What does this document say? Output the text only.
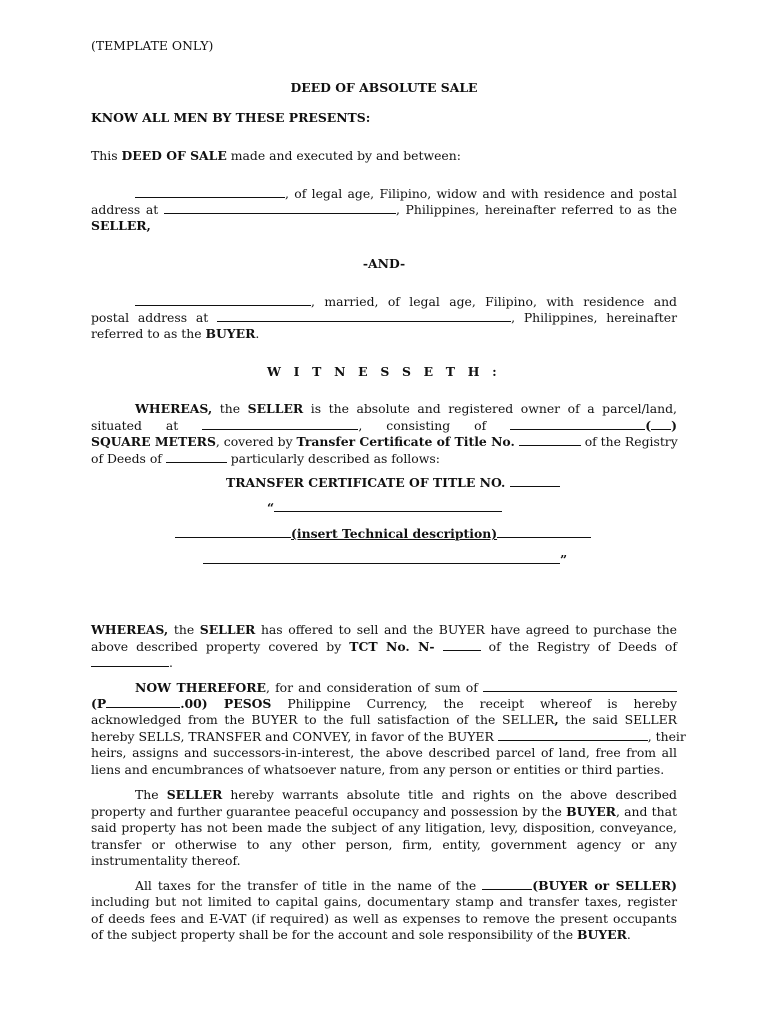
(TEMPLATE ONLY)
DEED OF ABSOLUTE SALE
KNOW ALL MEN BY THESE PRESENTS:
This DEED OF SALE made and executed by and between:
, of legal age, Filipino, widow and with residence and postal
address at	, Philippines, hereinafter referred to as the
SELLER,
-AND-
, married, of legal age, Filipino, with residence and
postal address at	, Philippines, hereinafter
referred to as the BUYER.
W I T N E S S E T H :
WHEREAS, the SELLER is the absolute and registered owner of a parcel/land,
situated at	, consisting of	( )
SQUARE METERS, covered by Transfer Certificate of Title No.	of the Registry
of Deeds of	particularly described as follows:
TRANSFER CERTIFICATE OF TITLE NO.
“
(insert Technical description)
”
WHEREAS, the SELLER has offered to sell and the BUYER have agreed to purchase the
above described property covered by TCT No. N-	of the Registry of Deeds of
.
NOW THEREFORE, for and consideration of sum of
(P	.00) PESOS Philippine Currency, the receipt whereof is hereby
acknowledged from the BUYER to the full satisfaction of the SELLER, the said SELLER
hereby SELLS, TRANSFER and CONVEY, in favor of the BUYER	, their
heirs, assigns and successors-in-interest, the above described parcel of land, free from all
liens and encumbrances of whatsoever nature, from any person or entities or third parties.
The SELLER hereby warrants absolute title and rights on the above described
property and further guarantee peaceful occupancy and possession by the BUYER, and that
said property has not been made the subject of any litigation, levy, disposition, conveyance,
transfer or otherwise to any other person, firm, entity, government agency or any
instrumentality thereof.
All taxes for the transfer of title in the name of the	(BUYER or SELLER)
including but not limited to capital gains, documentary stamp and transfer taxes, register
of deeds fees and E-VAT (if required) as well as expenses to remove the present occupants
of the subject property shall be for the account and sole responsibility of the BUYER.
